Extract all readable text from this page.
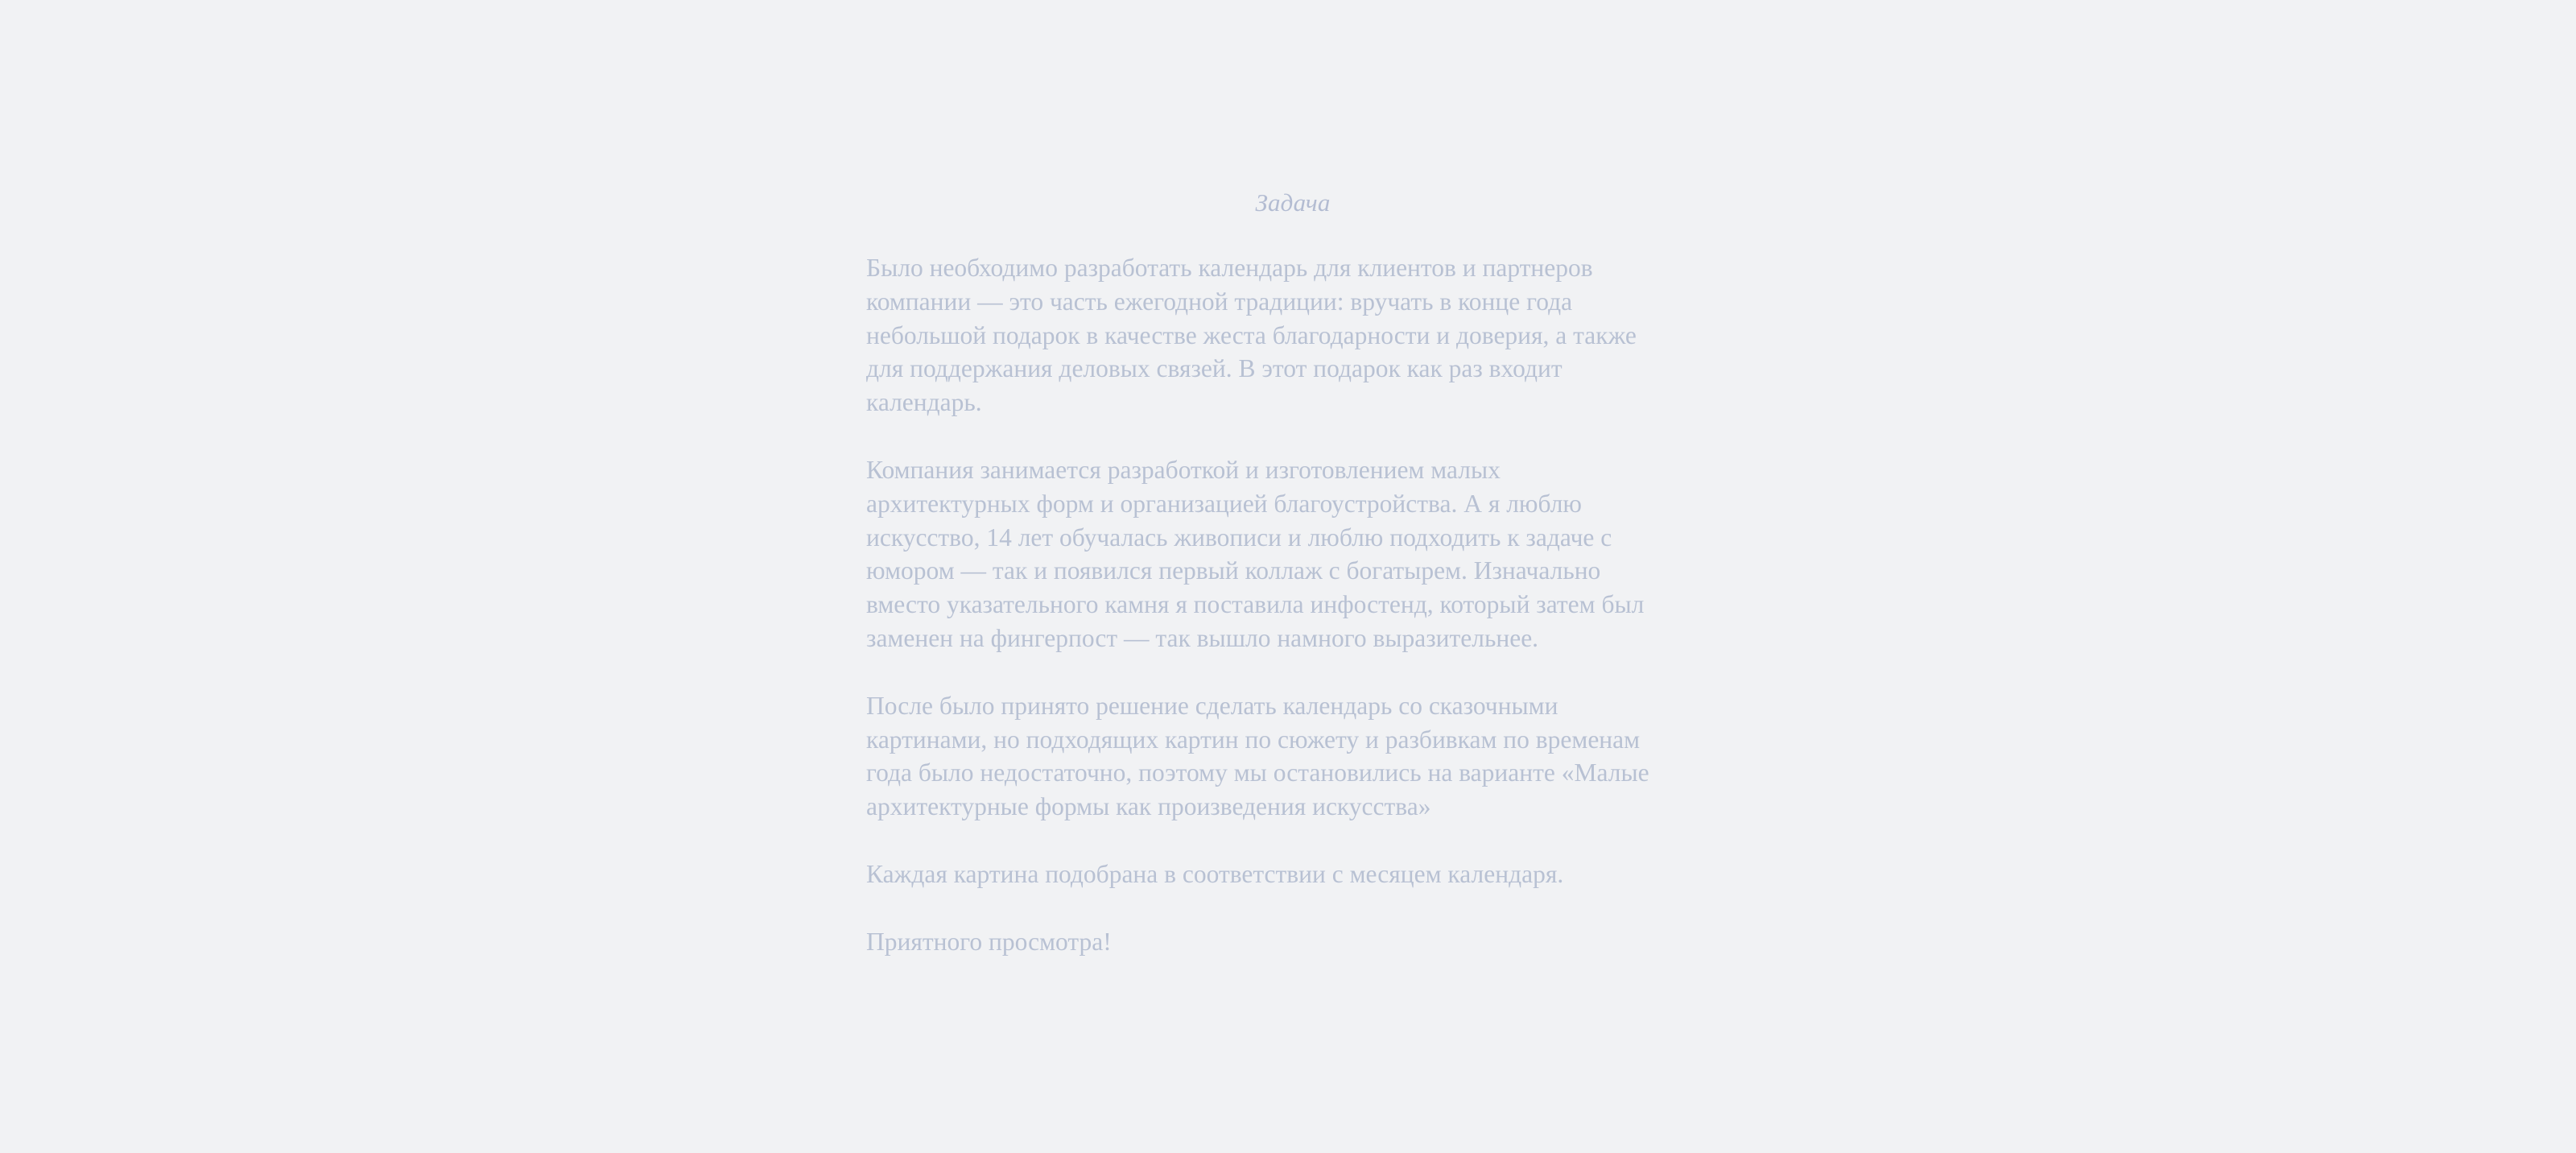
Задача

Было необходимо разработать календарь для клиентов и партнеров
компании — это часть ежегодной традиции: вручать в конце года
небольшой подарок в качестве жеста благодарности и доверия, а также
для поддержания деловых связей. В этот подарок как раз входит
календарь.

Компания занимается разработкой и изготовлением малых
архитектурных форм и организацией благоустройства. А я люблю
искусство, 14 лет обучалась живописи и люблю подходить к задаче с
юмором — так и появился первый коллаж с богатырем. Изначально
вместо указательного камня я поставила инфостенд, который затем был
заменен на фингерпост — так вышло намного выразительнее.

После было принято решение сделать календарь со сказочными
картинами, но подходящих картин по сюжету и разбивкам по временам
года было недостаточно, поэтому мы остановились на варианте «Малые
архитектурные формы как произведения искусства»

Каждая картина подобрана в соответствии с месяцем календаря.

Приятного просмотра!
